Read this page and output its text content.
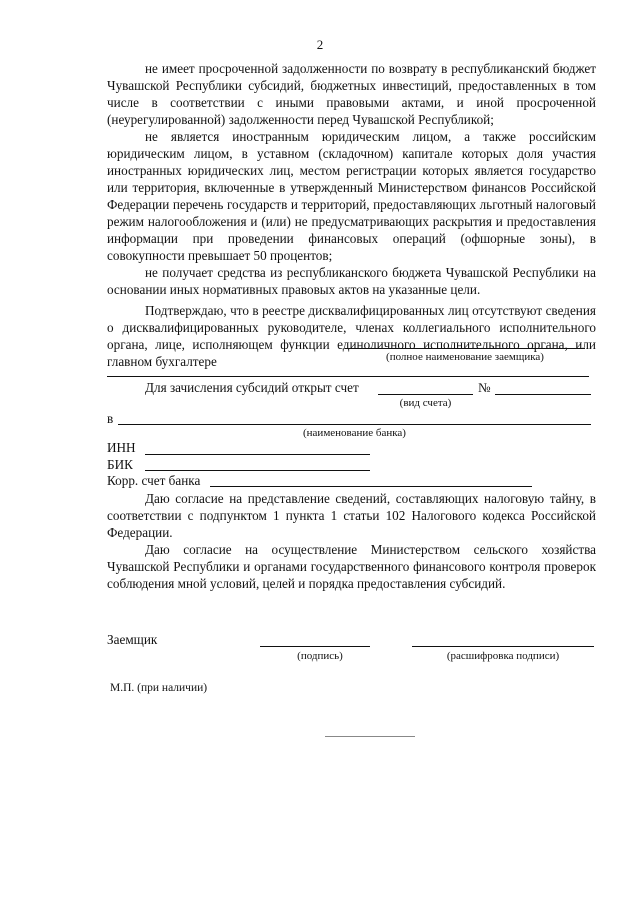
2

не имеет просроченной задолженности по возврату в республиканский бюджет Чувашской Республики субсидий, бюджетных инвестиций, предоставленных в том числе в соответствии с иными правовыми актами, и иной просроченной (неурегулированной) задолженности перед Чувашской Республикой;

не является иностранным юридическим лицом, а также российским юридическим лицом, в уставном (складочном) капитале которых доля участия иностранных юридических лиц, местом регистрации которых является государство или территория, включенные в утвержденный Министерством финансов Российской Федерации перечень государств и территорий, предоставляющих льготный налоговый режим налогообложения и (или) не предусматривающих раскрытия и предоставления информации при проведении финансовых операций (офшорные зоны), в совокупности превышает 50 процентов;

не получает средства из республиканского бюджета Чувашской Республики на основании иных нормативных правовых актов на указанные цели.

Подтверждаю, что в реестре дисквалифицированных лиц отсутствуют сведения о дисквалифицированных руководителе, членах коллегиального исполнительного органа, лице, исполняющем функции единоличного исполнительного органа, или главном бухгалтере	(полное наименование заемщика)
Для зачисления субсидий открыт счет	№
(вид счета)
в
(наименование банка)
ИНН
БИК
Корр. счет банка

Даю согласие на представление сведений, составляющих налоговую тайну, в соответствии с подпунктом 1 пункта 1 статьи 102 Налогового кодекса Российской Федерации.

Даю согласие на осуществление Министерством сельского хозяйства Чувашской Республики и органами государственного финансового контроля проверок соблюдения мной условий, целей и порядка предоставления субсидий.

Заемщик
(подпись)	(расшифровка подписи)
М.П. (при наличии)
